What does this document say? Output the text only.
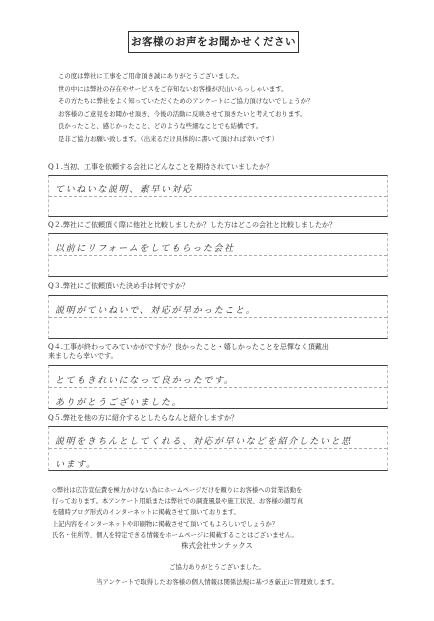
お客様のお声をお聞かせください
この度は弊社に工事をご用命頂き誠にありがとうございました。
世の中には弊社の存在やサービスをご存知ないお客様が沢山いらっしゃいます。
その方たちに弊社をよく知っていただくためのアンケートにご協力頂けないでしょうか？
お客様のご意見をお聞かせ頂き、今後の活動に反映させて頂きたいと考えております。
良かったこと、感じかったこと、どのような些細なことでも結構です。
是非ご協力お願い致します。（出来るだけ具体的に書いて頂ければ幸いです）
Q１.当初、工事を依頼する会社にどんなことを期待されていましたか？
ていねいな説明、素早い対応
Q２.弊社にご依頼頂く際に他社と比較しましたか？した方はどこの会社と比較しましたか？
以前にリフォームをしてもらった会社
Q３.弊社にご依頼頂いた決め手は何ですか？
説明がていねいで、対応が早かったこと。
Q４.工事が終わってみていかがですか？良かったこと・嬉しかったことを忌憚なく頂戴出
来ましたら幸いです。
とてもきれいになって良かったです。
ありがとうございました。
Q５.弊社を他の方に紹介するとしたらなんと紹介しますか？
説明をきちんとしてくれる、対応が早いなどを紹介したいと思
います。
◇弊社は広告宣伝費を極力かけない為にホームページだけを頼りにお客様への営業活動を
行っております。本アンケート用紙または弊社での調査風景や施工状況、お客様の顔写真
を随時ブログ形式のインターネットに掲載させて頂いております。
上記内容をインターネットや印刷物に掲載させて頂いてもよろしいでしょうか？
氏名・住所等、個人を特定できる情報をホームページに掲載することはございません。
株式会社サンテックス
ご協力ありがとうございました。
当アンケートで取得したお客様の個人情報は関係法規に基づき厳正に管理致します。
